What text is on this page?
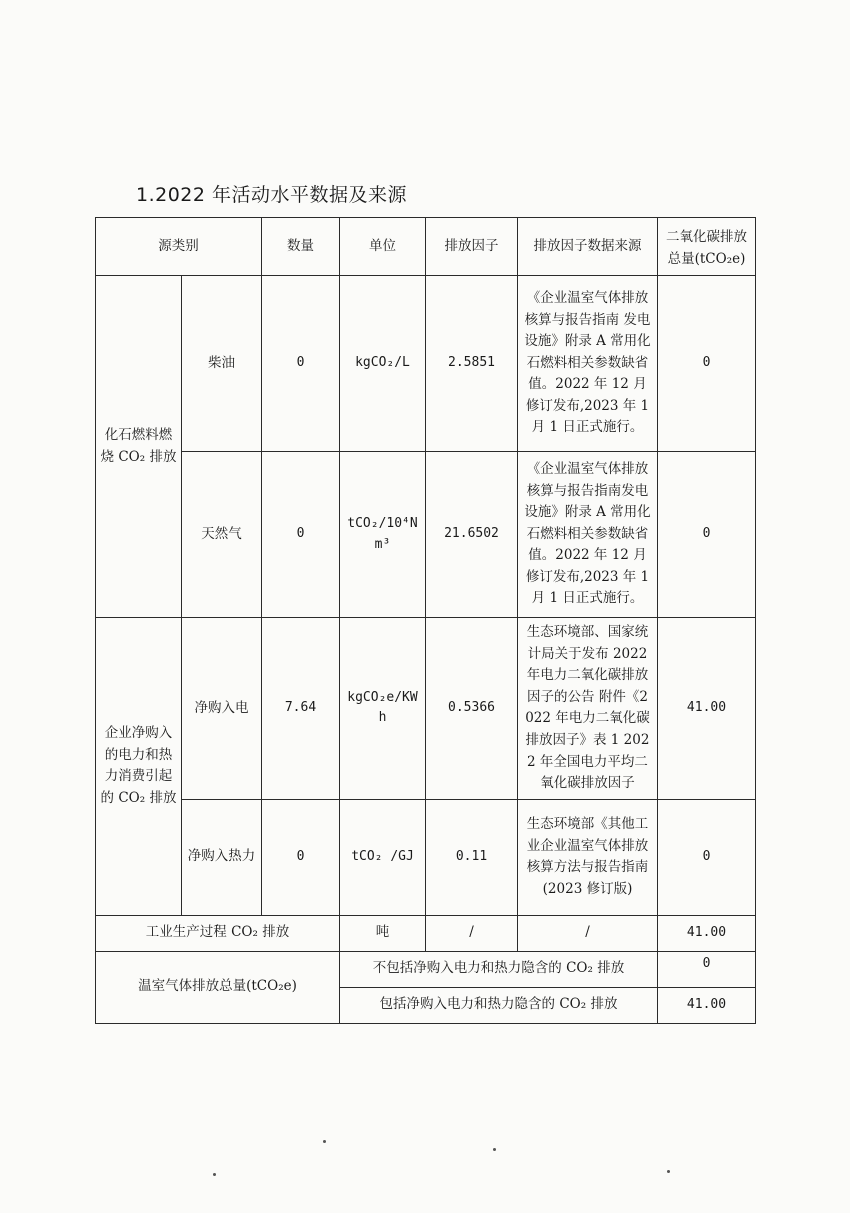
1.2022 年活动水平数据及来源
源类别		数量	单位	排放因子	排放因子数据来源	二氧化碳排放总量(tCO₂e)
化石燃料燃烧 CO₂ 排放	柴油	0	kgCO₂/L	2.5851	《企业温室气体排放核算与报告指南 发电设施》附录 A 常用化石燃料相关参数缺省值。2022 年 12 月修订发布,2023 年 1 月 1 日正式施行。	0
	天然气	0	tCO₂/10⁴Nm³	21.6502	《企业温室气体排放核算与报告指南发电设施》附录 A 常用化石燃料相关参数缺省值。2022 年 12 月修订发布,2023 年 1 月 1 日正式施行。	0
企业净购入的电力和热力消费引起的 CO₂ 排放	净购入电	7.64	kgCO₂e/KWh	0.5366	生态环境部、国家统计局关于发布 2022 年电力二氧化碳排放因子的公告 附件《2022 年电力二氧化碳排放因子》表 1 2022 年全国电力平均二氧化碳排放因子	41.00
	净购入热力	0	tCO₂ /GJ	0.11	生态环境部《其他工业企业温室气体排放核算方法与报告指南(2023 修订版)	0
工业生产过程 CO₂ 排放			吨	/	/	41.00
温室气体排放总量(tCO₂e)			不包括净购入电力和热力隐含的 CO₂ 排放			0
			包括净购入电力和热力隐含的 CO₂ 排放			41.00
